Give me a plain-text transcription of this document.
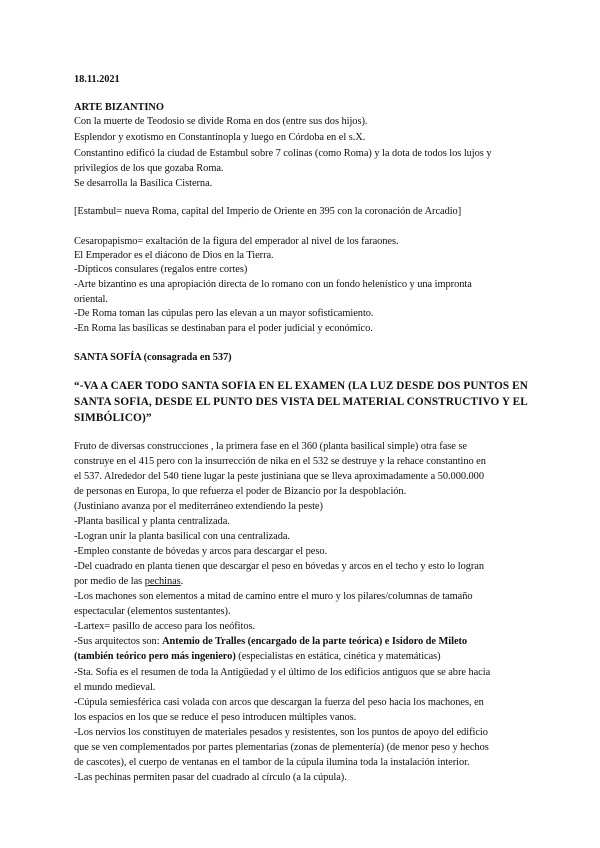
18.11.2021
ARTE BIZANTINO
Con la muerte de Teodosio se divide Roma en dos (entre sus dos hijos).
Esplendor y exotismo en Constantinopla y luego en Córdoba en el s.X.
Constantino edificó la ciudad de Estambul sobre 7 colinas (como Roma) y la dota de todos los lujos y
privilegios de los que gozaba Roma.
Se desarrolla la Basílica Cisterna.
[Estambul= nueva Roma, capital del Imperio de Oriente en 395 con la coronación de Arcadio]
Cesaropapismo= exaltación de la figura del emperador al nivel de los faraones.
El Emperador es el diácono de Dios en la Tierra.
-Dípticos consulares (regalos entre cortes)
-Arte bizantino es una apropiación directa de lo romano con un fondo helenístico y una impronta
oriental.
-De Roma toman las cúpulas pero las elevan a un mayor sofisticamiento.
-En Roma las basílicas se destinaban para el poder judicial y económico.
SANTA SOFÍA (consagrada en 537)
“-VA A CAER TODO SANTA SOFÍA EN EL EXAMEN (LA LUZ DESDE DOS PUNTOS EN
SANTA SOFÍA, DESDE EL PUNTO DES VISTA DEL MATERIAL CONSTRUCTIVO Y EL
SIMBÓLICO)”
Fruto de diversas construcciones , la primera fase en el 360 (planta basilical simple) otra fase se
construye en el 415 pero con la insurrección de nika en el 532 se destruye y la rehace constantino en
el 537. Alrededor del 540 tiene lugar la peste justiniana que se lleva aproximadamente a 50.000.000
de personas en Europa, lo que refuerza el poder de Bizancio por la despoblación.
(Justiniano avanza por el mediterráneo extendiendo la peste)
-Planta basilical y planta centralizada.
-Logran unir la planta basilical con una centralizada.
-Empleo constante de bóvedas y arcos para descargar el peso.
-Del cuadrado en planta tienen que descargar el peso en bóvedas y arcos en el techo y esto lo logran
por medio de las pechinas.
-Los machones son elementos a mitad de camino entre el muro y los pilares/columnas de tamaño
espectacular (elementos sustentantes).
-Lartex= pasillo de acceso para los neófitos.
-Sus arquitectos son: Antemio de Tralles (encargado de la parte teórica) e Isidoro de Mileto
(también teórico pero más ingeniero) (especialistas en estática, cinética y matemáticas)
-Sta. Sofía es el resumen de toda la Antigüedad y el último de los edificios antiguos que se abre hacia
el mundo medieval.
-Cúpula semiesférica casi volada con arcos que descargan la fuerza del peso hacia los machones, en
los espacios en los que se reduce el peso introducen múltiples vanos.
-Los nervios los constituyen de materiales pesados y resistentes, son los puntos de apoyo del edificio
que se ven complementados por partes plementarias (zonas de plementería) (de menor peso y hechos
de cascotes), el cuerpo de ventanas en el tambor de la cúpula ilumina toda la instalación interior.
-Las pechinas permiten pasar del cuadrado al círculo (a la cúpula).
